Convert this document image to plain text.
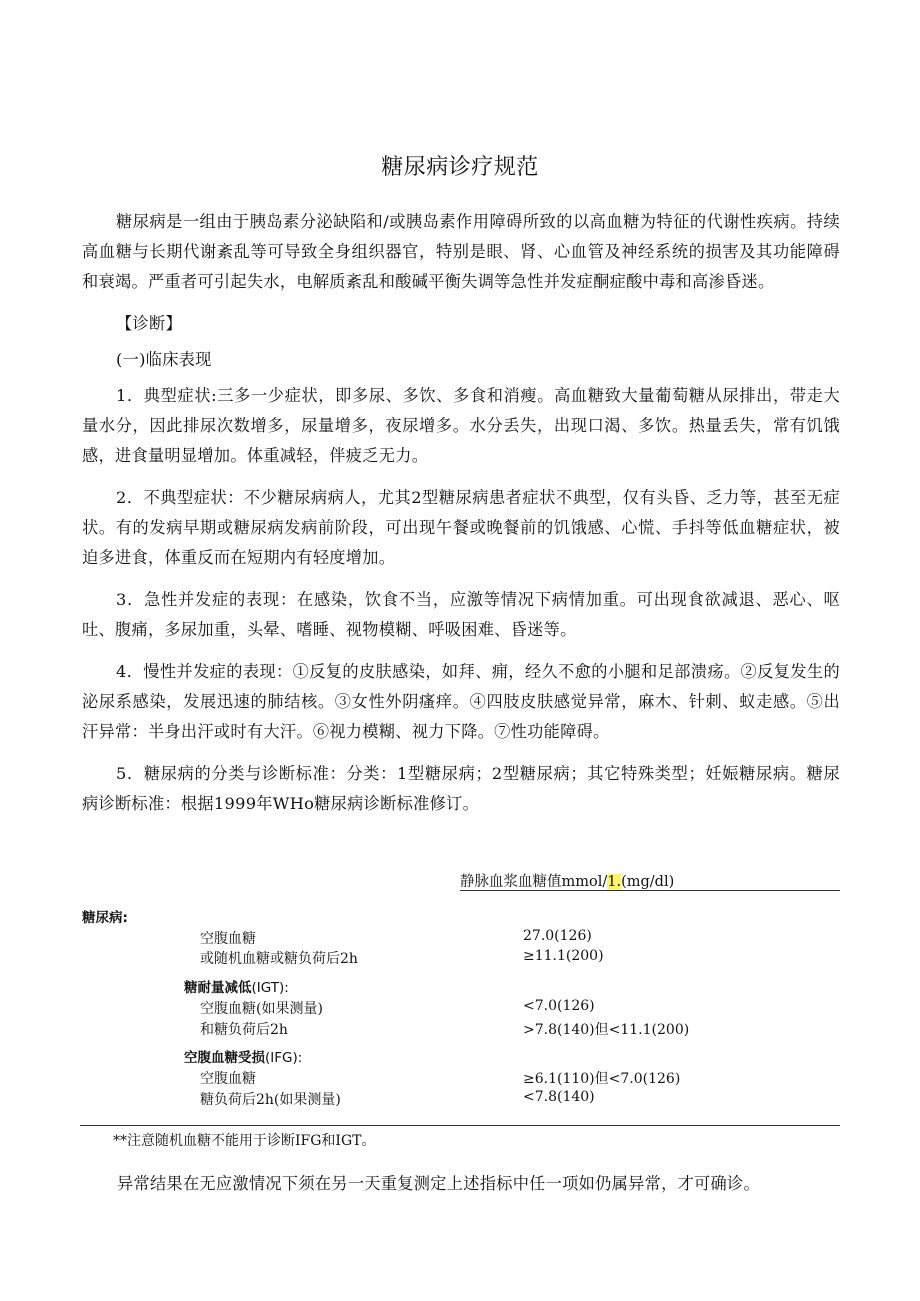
糖尿病诊疗规范

糖尿病是一组由于胰岛素分泌缺陷和/或胰岛素作用障碍所致的以高血糖为特征的代谢性疾病。持续高血糖与长期代谢紊乱等可导致全身组织器官，特别是眼、肾、心血管及神经系统的损害及其功能障碍和衰竭。严重者可引起失水，电解质紊乱和酸碱平衡失调等急性并发症酮症酸中毒和高渗昏迷。

【诊断】

(一)临床表现

1．典型症状:三多一少症状，即多尿、多饮、多食和消瘦。高血糖致大量葡萄糖从尿排出，带走大量水分，因此排尿次数增多，尿量增多，夜尿增多。水分丢失，出现口渴、多饮。热量丢失，常有饥饿感，进食量明显增加。体重减轻，伴疲乏无力。

2．不典型症状：不少糖尿病病人，尤其2型糖尿病患者症状不典型，仅有头昏、乏力等，甚至无症状。有的发病早期或糖尿病发病前阶段，可出现午餐或晚餐前的饥饿感、心慌、手抖等低血糖症状，被迫多进食，体重反而在短期内有轻度增加。

3．急性并发症的表现：在感染，饮食不当，应激等情况下病情加重。可出现食欲减退、恶心、呕吐、腹痛，多尿加重，头晕、嗜睡、视物模糊、呼吸困难、昏迷等。

4．慢性并发症的表现：①反复的皮肤感染，如拜、痈，经久不愈的小腿和足部溃疡。②反复发生的泌尿系感染，发展迅速的肺结核。③女性外阴瘙痒。④四肢皮肤感觉异常，麻木、针刺、蚁走感。⑤出汗异常：半身出汗或时有大汗。⑥视力模糊、视力下降。⑦性功能障碍。

5．糖尿病的分类与诊断标准：分类：1型糖尿病；2型糖尿病；其它特殊类型；妊娠糖尿病。糖尿病诊断标准：根据1999年WHo糖尿病诊断标准修订。

静脉血浆血糖值mmol/1.(mg/dl)
糖尿病:
空腹血糖	27.0(126)
或随机血糖或糖负荷后2h	≥11.1(200)
糖耐量减低(IGT):
空腹血糖(如果测量)	<7.0(126)
和糖负荷后2h	>7.8(140)但<11.1(200)
空腹血糖受损(IFG):
空腹血糖	≥6.1(110)但<7.0(126)
糖负荷后2h(如果测量)	<7.8(140)
**注意随机血糖不能用于诊断IFG和IGT。
异常结果在无应激情况下须在另一天重复测定上述指标中任一项如仍属异常，才可确诊。
